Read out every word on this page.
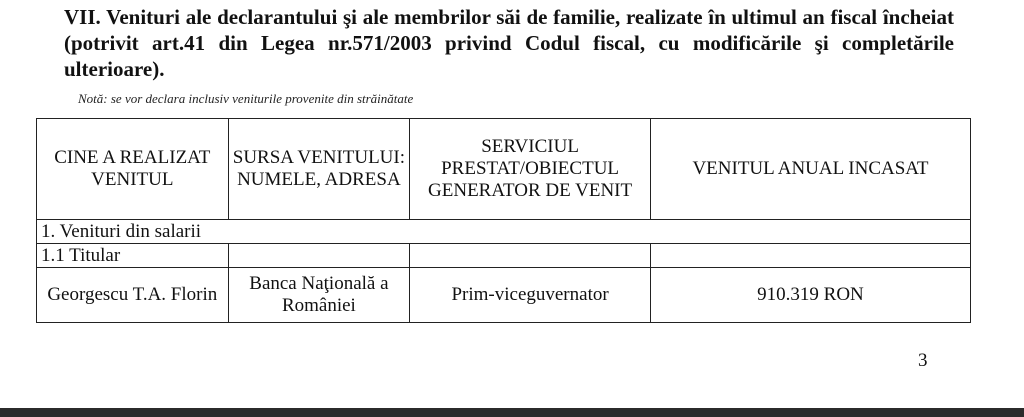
VII. Venituri ale declarantului şi ale membrilor săi de familie, realizate în ultimul an fiscal încheiat (potrivit art.41 din Legea nr.571/2003 privind Codul fiscal, cu modificările şi completările ulterioare).
Notă: se vor declara inclusiv veniturile provenite din străinătate
CINE A REALIZAT VENITUL	SURSA VENITULUI: NUMELE, ADRESA	SERVICIUL PRESTAT/OBIECTUL GENERATOR DE VENIT	VENITUL ANUAL INCASAT
1. Venituri din salarii			
1.1 Titular			
Georgescu T.A. Florin	Banca Naţională a României	Prim-viceguvernator	910.319 RON
3
